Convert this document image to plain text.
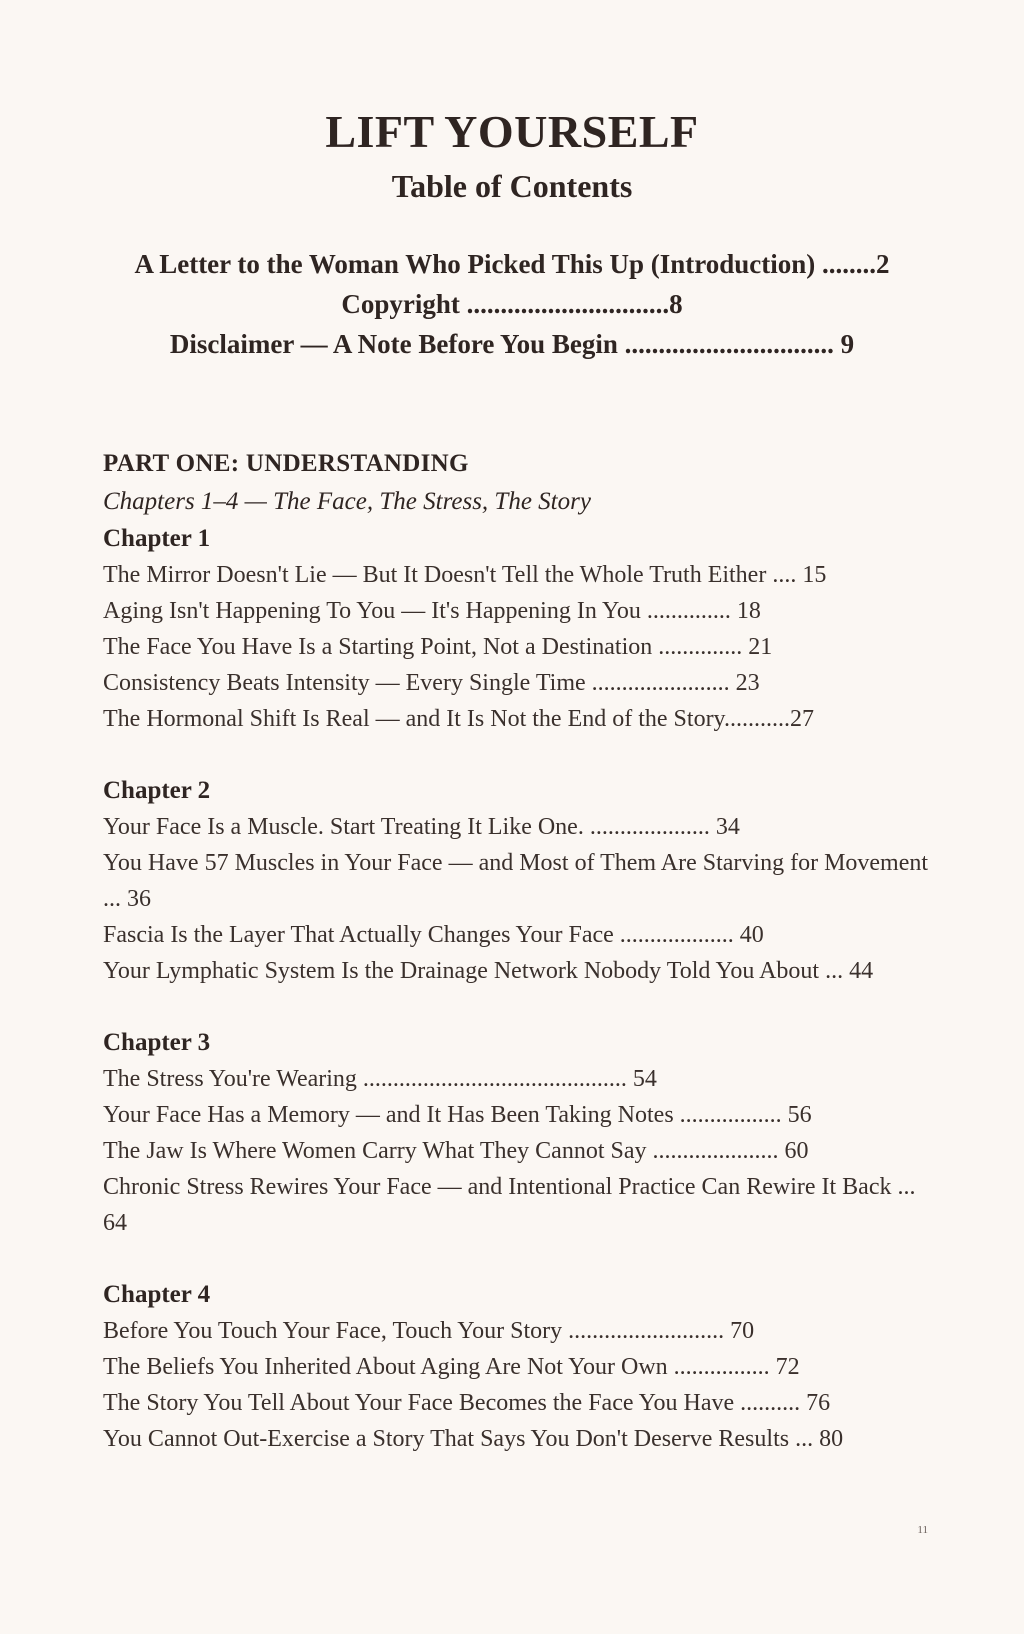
LIFT YOURSELF
Table of Contents
A Letter to the Woman Who Picked This Up (Introduction) ........2
Copyright ..............................8
Disclaimer — A Note Before You Begin ............................... 9
PART ONE: UNDERSTANDING
Chapters 1–4 — The Face, The Stress, The Story
Chapter 1
The Mirror Doesn't Lie — But It Doesn't Tell the Whole Truth Either .... 15
Aging Isn't Happening To You — It's Happening In You .............. 18
The Face You Have Is a Starting Point, Not a Destination .............. 21
Consistency Beats Intensity — Every Single Time ....................... 23
The Hormonal Shift Is Real — and It Is Not the End of the Story...........27
Chapter 2
Your Face Is a Muscle. Start Treating It Like One. .................... 34
You Have 57 Muscles in Your Face — and Most of Them Are Starving for Movement ... 36
Fascia Is the Layer That Actually Changes Your Face ................... 40
Your Lymphatic System Is the Drainage Network Nobody Told You About ... 44
Chapter 3
The Stress You're Wearing ............................................ 54
Your Face Has a Memory — and It Has Been Taking Notes ................. 56
The Jaw Is Where Women Carry What They Cannot Say ..................... 60
Chronic Stress Rewires Your Face — and Intentional Practice Can Rewire It Back ... 64
Chapter 4
Before You Touch Your Face, Touch Your Story .......................... 70
The Beliefs You Inherited About Aging Are Not Your Own ................ 72
The Story You Tell About Your Face Becomes the Face You Have .......... 76
You Cannot Out-Exercise a Story That Says You Don't Deserve Results ... 80
11
